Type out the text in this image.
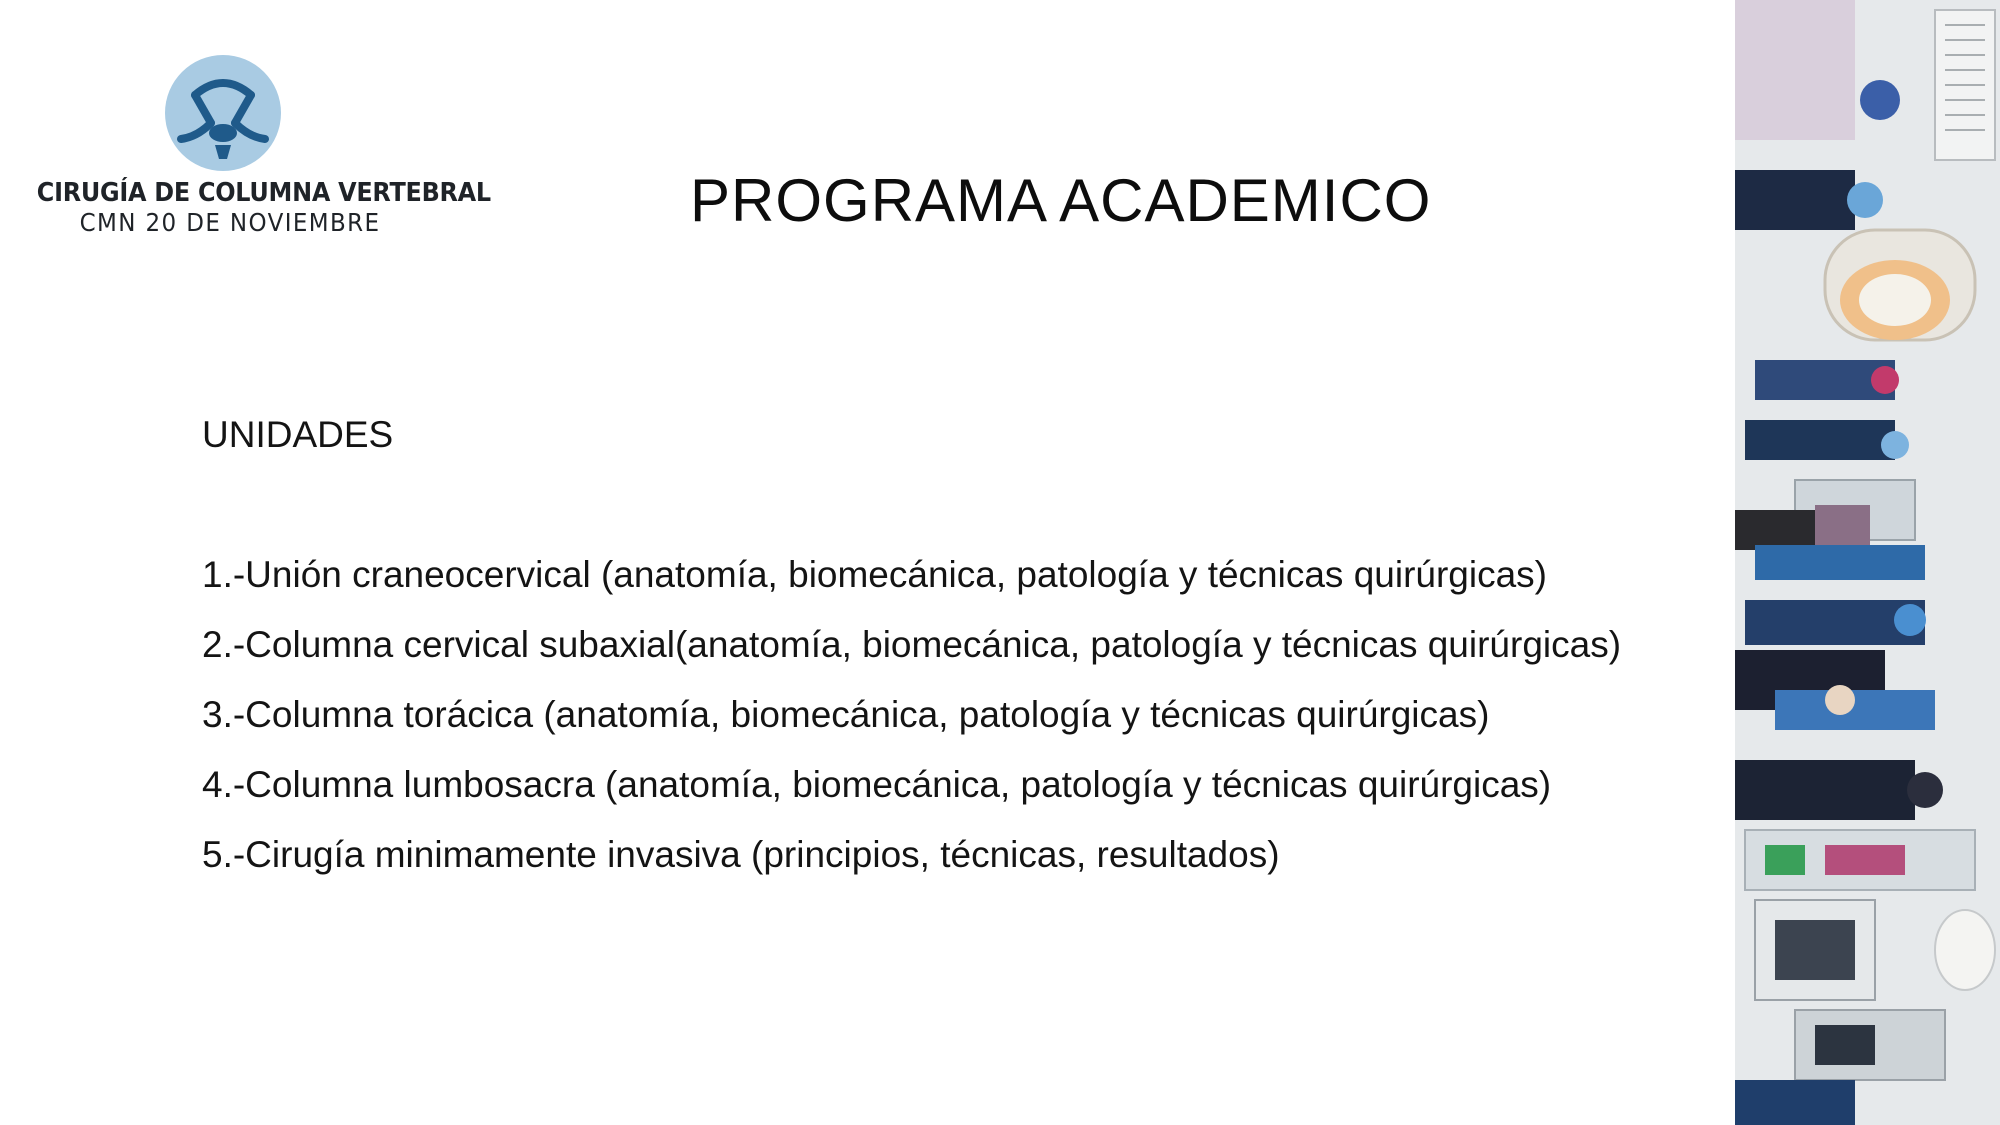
CIRUGÍA DE COLUMNA VERTEBRAL
CMN 20 DE NOVIEMBRE	PROGRAMA ACADEMICO
UNIDADES
1.-Unión craneocervical (anatomía, biomecánica, patología y técnicas quirúrgicas)
2.-Columna cervical subaxial(anatomía, biomecánica, patología y técnicas quirúrgicas)
3.-Columna torácica (anatomía, biomecánica, patología y técnicas quirúrgicas)
4.-Columna lumbosacra (anatomía, biomecánica, patología y técnicas quirúrgicas)
5.-Cirugía minimamente invasiva (principios, técnicas, resultados)
